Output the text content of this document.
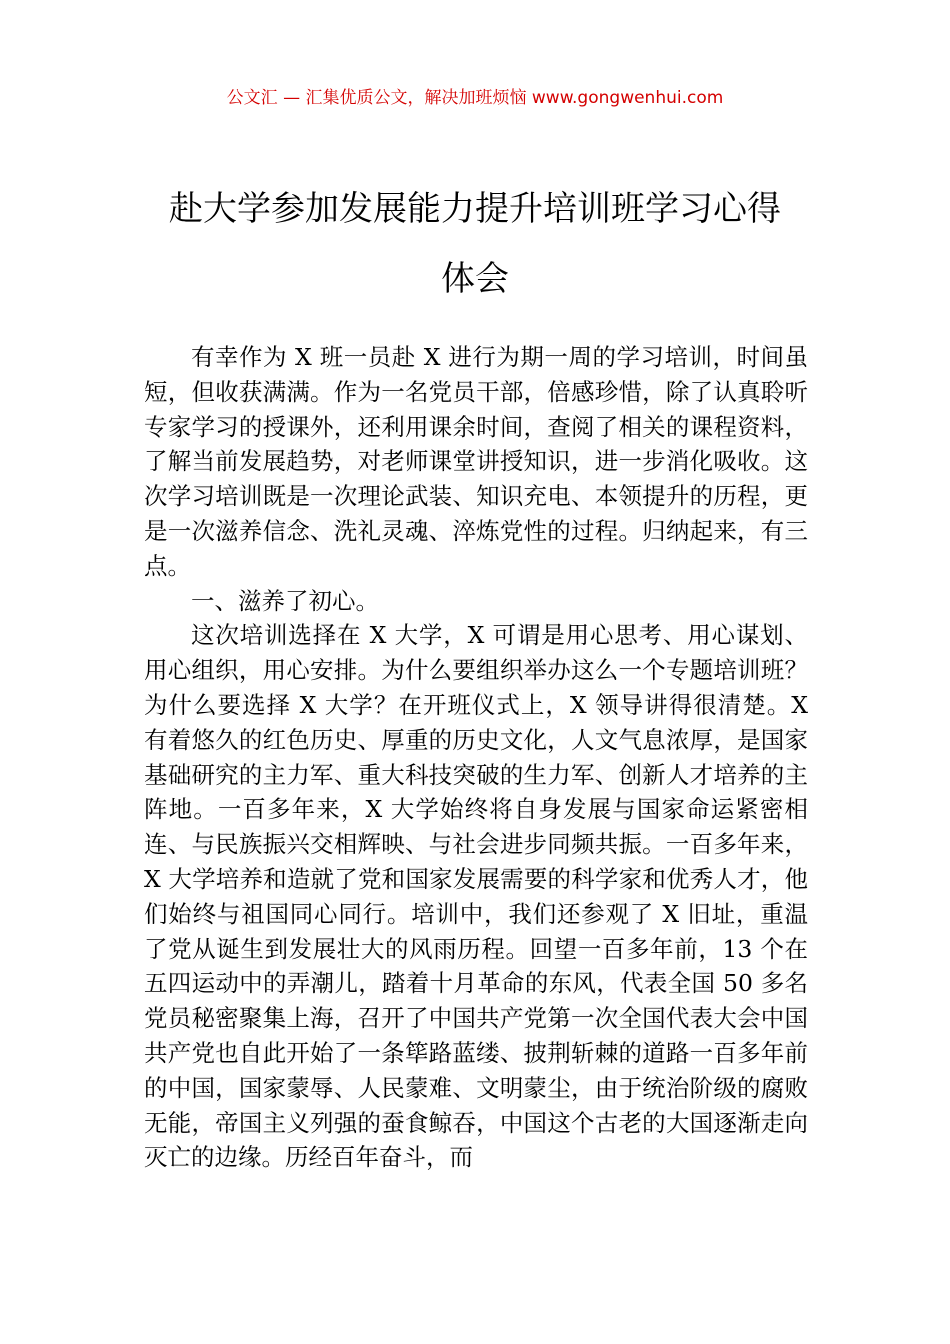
公文汇 — 汇集优质公文，解决加班烦恼 www.gongwenhui.com
赴大学参加发展能力提升培训班学习心得
体会

有幸作为 X 班一员赴 X 进行为期一周的学习培训，时间虽短，但收获满满。作为一名党员干部，倍感珍惜，除了认真聆听专家学习的授课外，还利用课余时间，查阅了相关的课程资料，了解当前发展趋势，对老师课堂讲授知识，进一步消化吸收。这次学习培训既是一次理论武装、知识充电、本领提升的历程，更是一次滋养信念、洗礼灵魂、淬炼党性的过程。归纳起来，有三点。

一、滋养了初心。

这次培训选择在 X 大学，X 可谓是用心思考、用心谋划、用心组织，用心安排。为什么要组织举办这么一个专题培训班？为什么要选择 X 大学？在开班仪式上，X 领导讲得很清楚。X 有着悠久的红色历史、厚重的历史文化，人文气息浓厚，是国家基础研究的主力军、重大科技突破的生力军、创新人才培养的主阵地。一百多年来，X 大学始终将自身发展与国家命运紧密相连、与民族振兴交相辉映、与社会进步同频共振。一百多年来，X 大学培养和造就了党和国家发展需要的科学家和优秀人才，他们始终与祖国同心同行。培训中，我们还参观了 X 旧址，重温了党从诞生到发展壮大的风雨历程。回望一百多年前，13 个在五四运动中的弄潮儿，踏着十月革命的东风，代表全国 50 多名党员秘密聚集上海，召开了中国共产党第一次全国代表大会中国共产党也自此开始了一条筚路蓝缕、披荆斩棘的道路一百多年前的中国，国家蒙辱、人民蒙难、文明蒙尘，由于统治阶级的腐败无能，帝国主义列强的蚕食鲸吞，中国这个古老的大国逐渐走向灭亡的边缘。历经百年奋斗，而
